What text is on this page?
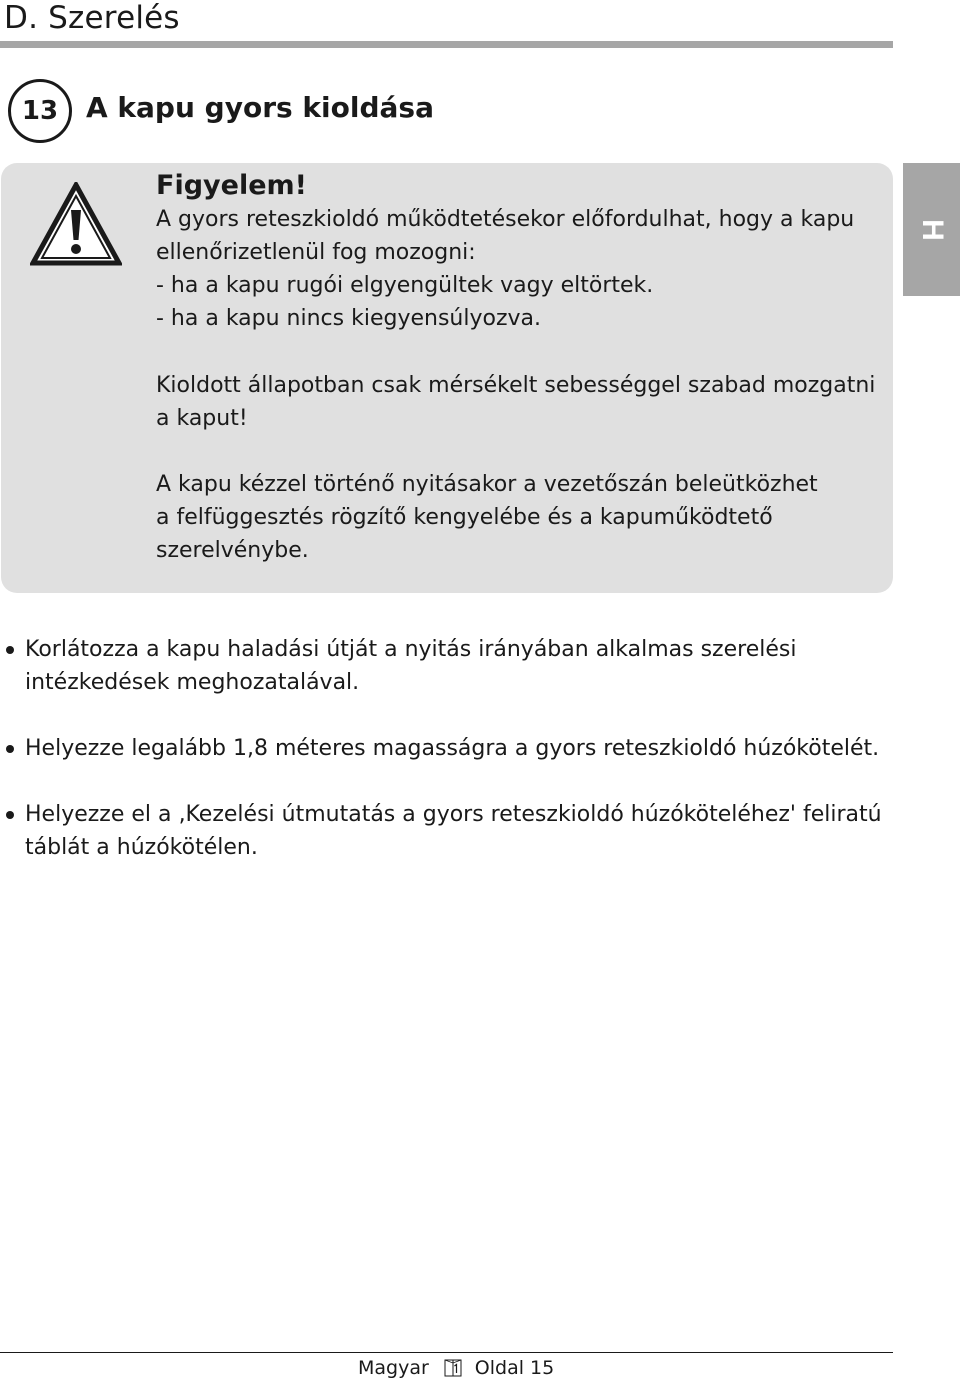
D. Szerelés
13 A kapu gyors kioldása
Figyelem!

A gyors reteszkioldó működtetésekor előfordulhat, hogy a kapu

ellenőrizetlenül fog mozogni:

- ha a kapu rugói elgyengültek vagy eltörtek.

- ha a kapu nincs kiegyensúlyozva.

Kioldott állapotban csak mérsékelt sebességgel szabad mozgatni

a kaput!

A kapu kézzel történő nyitásakor a vezetőszán beleütközhet

a felfüggesztés rögzítő kengyelébe és a kapuműködtető

szerelvénybe.

H
Korlátozza a kapu haladási útját a nyitás irányában alkalmas szerelési
intézkedések meghozatalával.
Helyezze legalább 1,8 méteres magasságra a gyors reteszkioldó húzókötelét.
Helyezze el a ‚Kezelési útmutatás a gyors reteszkioldó húzóköteléhez' feliratú
táblát a húzókötélen.
Magyar Oldal 15
